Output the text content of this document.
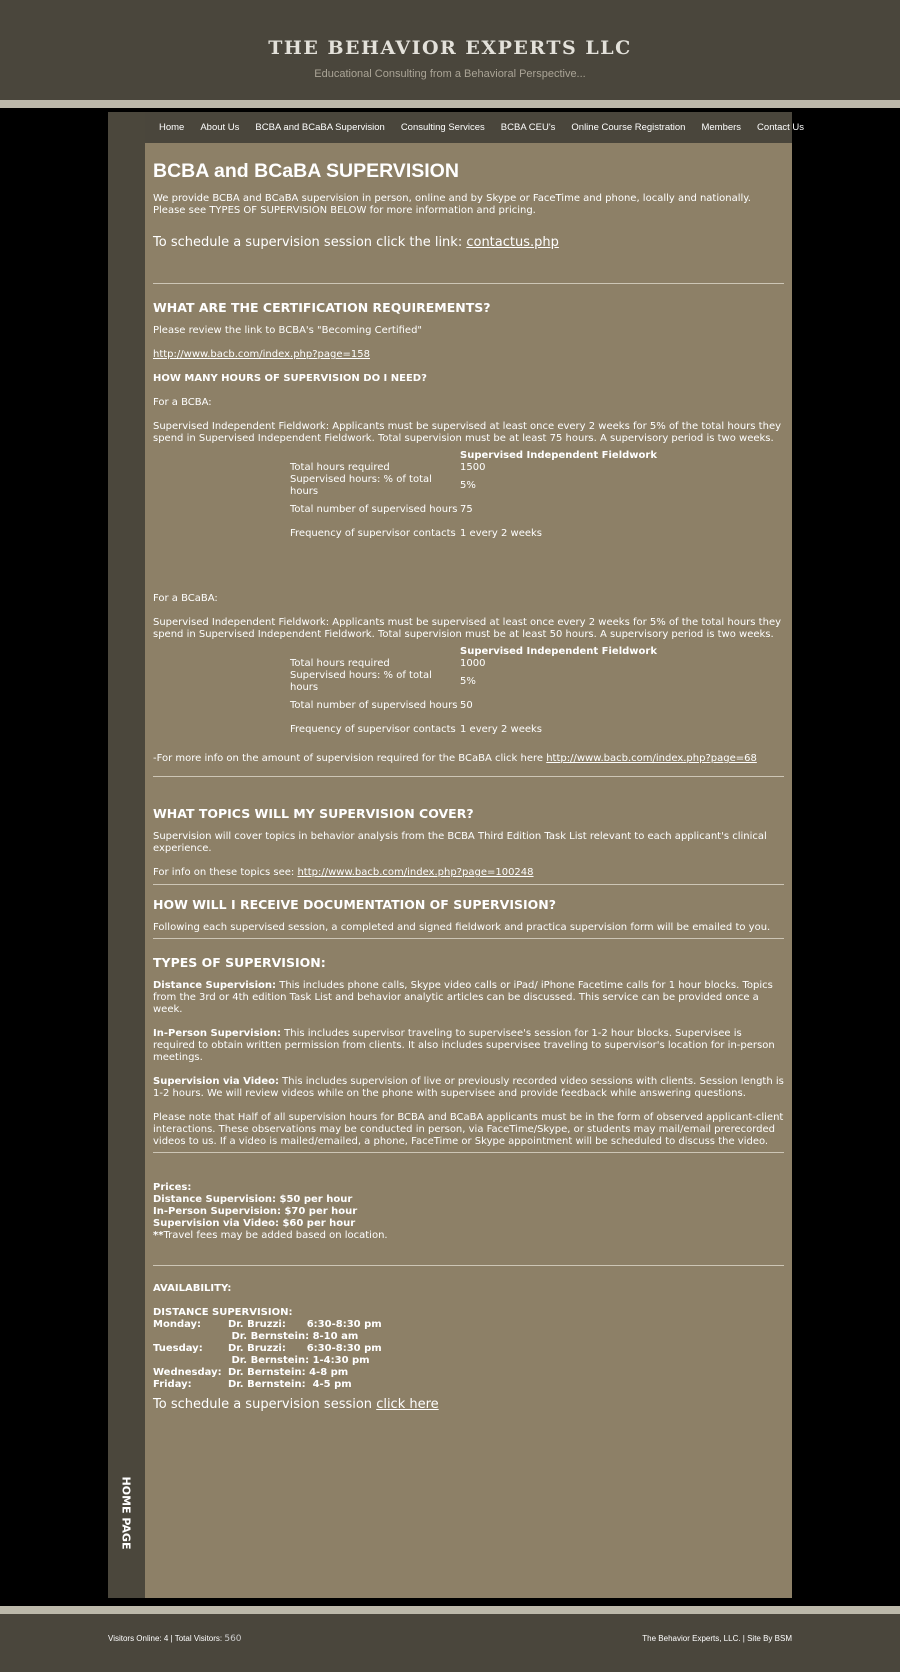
THE BEHAVIOR EXPERTS LLC
Educational Consulting from a Behavioral Perspective...
HOME PAGE
Home	About Us	BCBA and BCaBA Supervision	Consulting Services	BCBA CEU's	Online Course Registration	Members	Contact Us
BCBA and BCaBA SUPERVISION

We provide BCBA and BCaBA supervision in person, online and by Skype or FaceTime and phone, locally and nationally. Please see TYPES OF SUPERVISION BELOW for more information and pricing.

To schedule a supervision session click the link: contactus.php

WHAT ARE THE CERTIFICATION REQUIREMENTS?

Please review the link to BCBA's "Becoming Certified"

http://www.bacb.com/index.php?page=158

HOW MANY HOURS OF SUPERVISION DO I NEED?

For a BCBA:

Supervised Independent Fieldwork: Applicants must be supervised at least once every 2 weeks for 5% of the total hours they spend in Supervised Independent Fieldwork. Total supervision must be at least 75 hours. A supervisory period is two weeks.

	Supervised Independent Fieldwork
Total hours required	1500
Supervised hours: % of total hours	5%
Total number of supervised hours	75
Frequency of supervisor contacts	1 every 2 weeks

For a BCaBA:

Supervised Independent Fieldwork: Applicants must be supervised at least once every 2 weeks for 5% of the total hours they spend in Supervised Independent Fieldwork. Total supervision must be at least 50 hours. A supervisory period is two weeks.

	Supervised Independent Fieldwork
Total hours required	1000
Supervised hours: % of total hours	5%
Total number of supervised hours	50
Frequency of supervisor contacts	1 every 2 weeks

-For more info on the amount of supervision required for the BCaBA click here http://www.bacb.com/index.php?page=68

WHAT TOPICS WILL MY SUPERVISION COVER?

Supervision will cover topics in behavior analysis from the BCBA Third Edition Task List relevant to each applicant's clinical experience.

For info on these topics see: http://www.bacb.com/index.php?page=100248

HOW WILL I RECEIVE DOCUMENTATION OF SUPERVISION?

Following each supervised session, a completed and signed fieldwork and practica supervision form will be emailed to you.

TYPES OF SUPERVISION:

Distance Supervision: This includes phone calls, Skype video calls or iPad/ iPhone Facetime calls for 1 hour blocks. Topics from the 3rd or 4th edition Task List and behavior analytic articles can be discussed. This service can be provided once a week.

In-Person Supervision: This includes supervisor traveling to supervisee's session for 1-2 hour blocks. Supervisee is required to obtain written permission from clients. It also includes supervisee traveling to supervisor's location for in-person meetings.

Supervision via Video: This includes supervision of live or previously recorded video sessions with clients. Session length is 1-2 hours. We will review videos while on the phone with supervisee and provide feedback while answering questions.

Please note that Half of all supervision hours for BCBA and BCaBA applicants must be in the form of observed applicant-client interactions. These observations may be conducted in person, via FaceTime/Skype, or students may mail/email prerecorded videos to us. If a video is mailed/emailed, a phone, FaceTime or Skype appointment will be scheduled to discuss the video.

Prices:

Distance Supervision: $50 per hour

In-Person Supervision: $70 per hour

Supervision via Video: $60 per hour

**Travel fees may be added based on location.

AVAILABILITY:

DISTANCE SUPERVISION:

Monday:	Dr. Bruzzi:      6:30-8:30 pm
Dr. Bernstein: 8-10 am
Tuesday:	Dr. Bruzzi:      6:30-8:30 pm
Dr. Bernstein: 1-4:30 pm
Wednesday: Dr. Bernstein: 4-8 pm
Friday:	Dr. Bernstein:  4-5 pm

To schedule a supervision session click here

Visitors Online: 4 | Total Visitors: 560	The Behavior Experts, LLC. | Site By BSM
